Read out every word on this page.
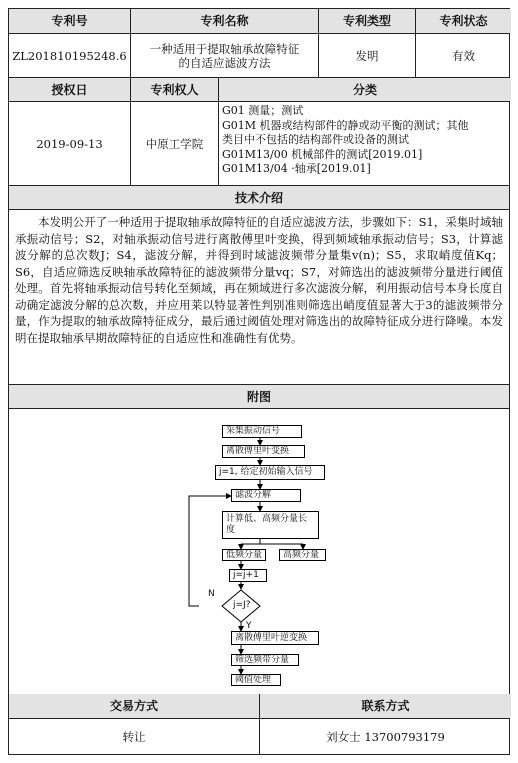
专利号	专利名称	专利类型	专利状态
ZL201810195248.6	一种适用于提取轴承故障特征
的自适应滤波方法	发明	有效
授权日	专利权人	分类
2019-09-13	中原工学院
G01 测量；测试
G01M 机器或结构部件的静或动平衡的测试；其他
类目中不包括的结构部件或设备的测试
G01M13/00 机械部件的测试[2019.01]
G01M13/04 ·轴承[2019.01]
技术介绍
本发明公开了一种适用于提取轴承故障特征的自适应滤波方法，步骤如下：S1，采集时域轴承振动信号；S2，对轴承振动信号进行离散傅里叶变换，得到频域轴承振动信号；S3，计算滤波分解的总次数J；S4，滤波分解，并得到时域滤波频带分量集v(n)；S5，求取峭度值Kq；S6，自适应筛选反映轴承故障特征的滤波频带分量vq；S7，对筛选出的滤波频带分量进行阈值处理。首先将轴承振动信号转化至频域，再在频域进行多次滤波分解，利用振动信号本身长度自动确定滤波分解的总次数，并应用莱以特显著性判别准则筛选出峭度值显著大于3的滤波频带分量，作为提取的轴承故障特征成分，最后通过阈值处理对筛选出的故障特征成分进行降噪。本发明在提取轴承早期故障特征的自适应性和准确性有优势。
附图
采集振动信号
离散傅里叶变换
j=1, 给定初始输入信号
滤波分解
计算低、高频分量长
度
低频分量	高频分量
j=j+1
j=J?
N
Y
离散傅里叶逆变换
筛选频带分量
阈值处理
交易方式	联系方式
转让	刘女士 13700793179
